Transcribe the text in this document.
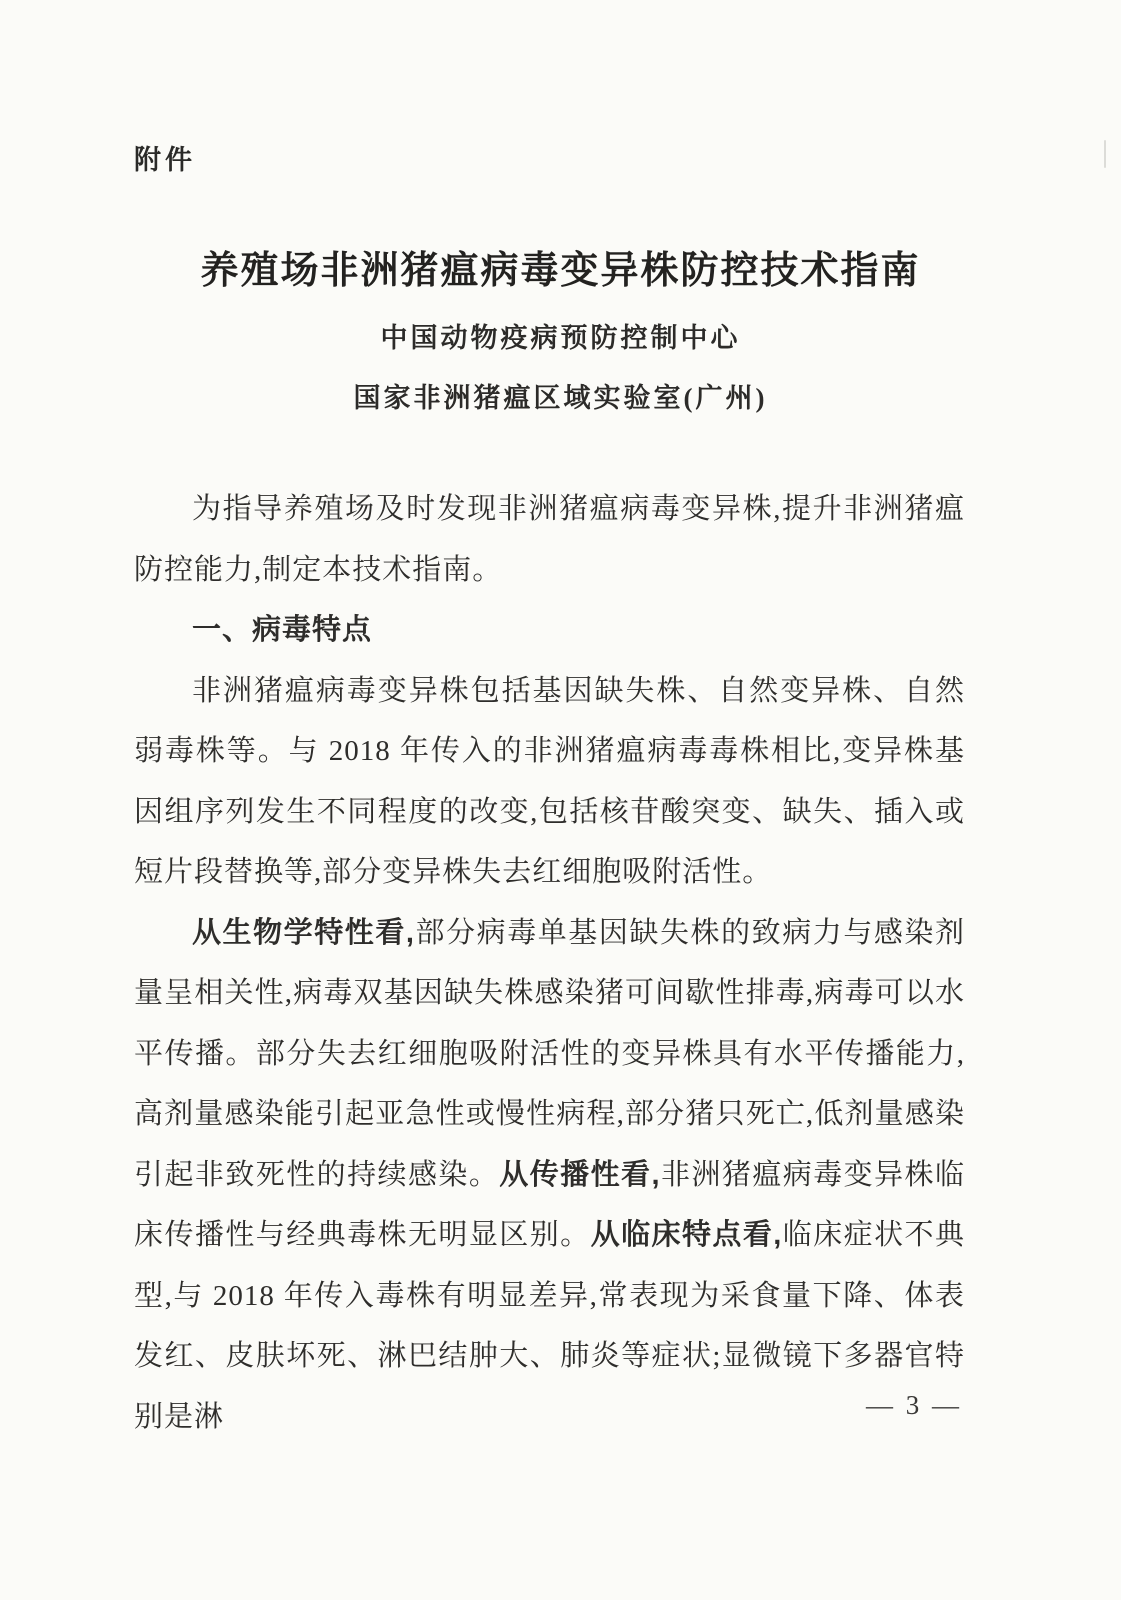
附件
养殖场非洲猪瘟病毒变异株防控技术指南
中国动物疫病预防控制中心
国家非洲猪瘟区域实验室(广州)

为指导养殖场及时发现非洲猪瘟病毒变异株,提升非洲猪瘟防控能力,制定本技术指南。

一、病毒特点

非洲猪瘟病毒变异株包括基因缺失株、自然变异株、自然弱毒株等。与 2018 年传入的非洲猪瘟病毒毒株相比,变异株基因组序列发生不同程度的改变,包括核苷酸突变、缺失、插入或短片段替换等,部分变异株失去红细胞吸附活性。

从生物学特性看,部分病毒单基因缺失株的致病力与感染剂量呈相关性,病毒双基因缺失株感染猪可间歇性排毒,病毒可以水平传播。部分失去红细胞吸附活性的变异株具有水平传播能力,高剂量感染能引起亚急性或慢性病程,部分猪只死亡,低剂量感染引起非致死性的持续感染。从传播性看,非洲猪瘟病毒变异株临床传播性与经典毒株无明显区别。从临床特点看,临床症状不典型,与 2018 年传入毒株有明显差异,常表现为采食量下降、体表发红、皮肤坏死、淋巴结肿大、肺炎等症状;显微镜下多器官特别是淋	— 3 —
